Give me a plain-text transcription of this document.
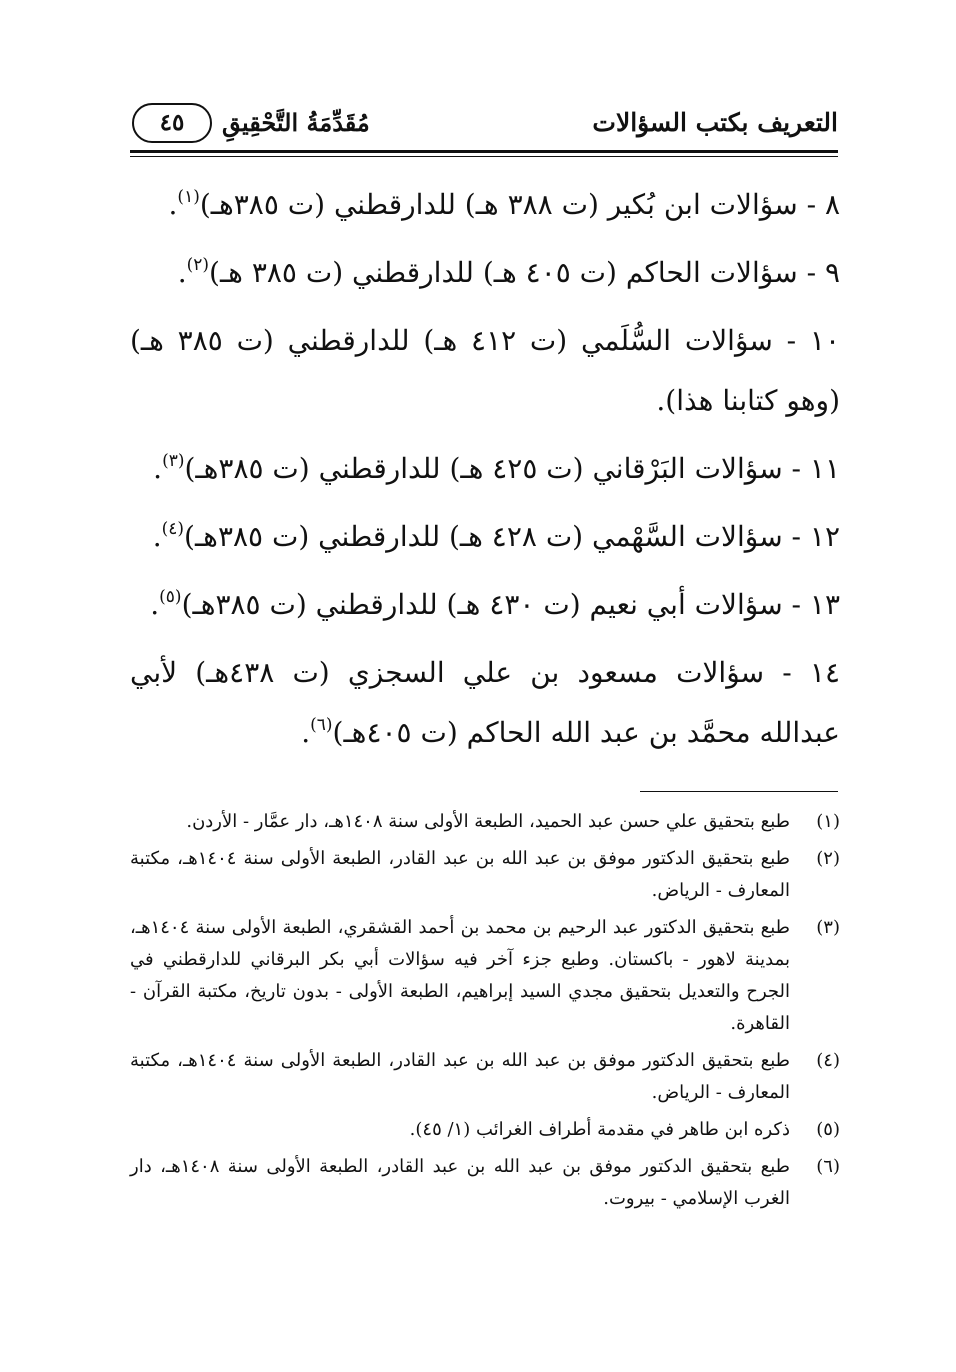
التعريف بكتب السؤالات
مُقَدِّمَةُ التَّحْقِيقِ
٤٥

٨ - سؤالات ابن بُكير (ت ٣٨٨ هـ) للدارقطني (ت ٣٨٥هـ)$^{(١)}$.

٩ - سؤالات الحاكم (ت ٤٠٥ هـ) للدارقطني (ت ٣٨٥ هـ)$^{(٢)}$.

١٠ - سؤالات السُّلَمي (ت ٤١٢ هـ) للدارقطني (ت ٣٨٥ هـ) (وهو كتابنا هذا).

١١ - سؤالات البَرْقاني (ت ٤٢٥ هـ) للدارقطني (ت ٣٨٥هـ)$^{(٣)}$.

١٢ - سؤالات السَّهْمي (ت ٤٢٨ هـ) للدارقطني (ت ٣٨٥هـ)$^{(٤)}$.

١٣ - سؤالات أبي نعيم (ت ٤٣٠ هـ) للدارقطني (ت ٣٨٥هـ)$^{(٥)}$.

١٤ - سؤالات مسعود بن علي السجزي (ت ٤٣٨هـ) لأبي عبدالله محمَّد بن عبد الله الحاكم (ت ٤٠٥هـ)$^{(٦)}$.

(١)
طبع بتحقيق علي حسن عبد الحميد، الطبعة الأولى سنة ١٤٠٨هـ، دار عمَّار - الأردن.
(٢)
طبع بتحقيق الدكتور موفق بن عبد الله بن عبد القادر، الطبعة الأولى سنة ١٤٠٤هـ، مكتبة المعارف - الرياض.
(٣)
طبع بتحقيق الدكتور عبد الرحيم بن محمد بن أحمد القشقري، الطبعة الأولى سنة ١٤٠٤هـ، بمدينة لاهور - باكستان. وطبع جزء آخر فيه سؤالات أبي بكر البرقاني للدارقطني في الجرح والتعديل بتحقيق مجدي السيد إبراهيم، الطبعة الأولى - بدون تاريخ، مكتبة القرآن - القاهرة.
(٤)
طبع بتحقيق الدكتور موفق بن عبد الله بن عبد القادر، الطبعة الأولى سنة ١٤٠٤هـ، مكتبة المعارف - الرياض.
(٥)
ذكره ابن طاهر في مقدمة أطراف الغرائب (١/ ٤٥).
(٦)
طبع بتحقيق الدكتور موفق بن عبد الله بن عبد القادر، الطبعة الأولى سنة ١٤٠٨هـ، دار الغرب الإسلامي - بيروت.
